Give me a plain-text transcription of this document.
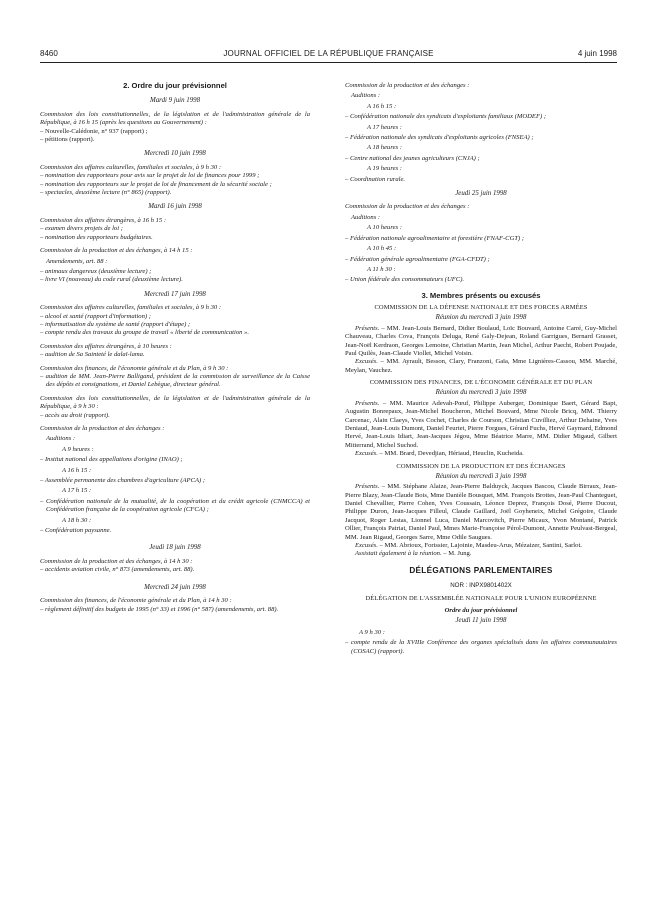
8460	JOURNAL OFFICIEL DE LA RÉPUBLIQUE FRANÇAISE	4 juin 1998
2. Ordre du jour prévisionnel
Mardi 9 juin 1998

Commission des lois constitutionnelles, de la législation et de l'administration générale de la République, à 16 h 15 (après les questions au Gouvernement) :

– Nouvelle-Calédonie, n° 937 (rapport) ;

– pétitions (rapport).

Mercredi 10 juin 1998

Commission des affaires culturelles, familiales et sociales, à 9 h 30 :

– nomination des rapporteurs pour avis sur le projet de loi de finances pour 1999 ;

– nomination des rapporteurs sur le projet de loi de financement de la sécurité sociale ;

– spectacles, deuxième lecture (n° 865) (rapport).

Mardi 16 juin 1998

Commission des affaires étrangères, à 16 h 15 :

– examen divers projets de loi ;

– nomination des rapporteurs budgétaires.

Commission de la production et des échanges, à 14 h 15 :

Amendements, art. 88 :

– animaux dangereux (deuxième lecture) ;

– livre VI (nouveau) du code rural (deuxième lecture).

Mercredi 17 juin 1998

Commission des affaires culturelles, familiales et sociales, à 9 h 30 :

– alcool et santé (rapport d'information) ;

– informatisation du système de santé (rapport d'étape) ;

– compte rendu des travaux du groupe de travail « liberté de communication ».

Commission des affaires étrangères, à 10 heures :

– audition de Sa Sainteté le dalaï-lama.

Commission des finances, de l'économie générale et du Plan, à 9 h 30 :

– audition de MM. Jean-Pierre Balligand, président de la commission de surveillance de la Caisse des dépôts et consignations, et Daniel Lebègue, directeur général.

Commission des lois constitutionnelles, de la législation et de l'administration générale de la République, à 9 h 30 :

– accès au droit (rapport).

Commission de la production et des échanges :

Auditions :

A 9 heures :

– Institut national des appellations d'origine (INAO) ;

A 16 h 15 :

– Assemblée permanente des chambres d'agriculture (APCA) ;

A 17 h 15 :

– Confédération nationale de la mutualité, de la coopération et du crédit agricole (CNMCCA) et Confédération française de la coopération agricole (CFCA) ;

A 18 h 30 :

– Confédération paysanne.

Jeudi 18 juin 1998

Commission de la production et des échanges, à 14 h 30 :

– accidents aviation civile, n° 873 (amendements, art. 88).

Mercredi 24 juin 1998

Commission des finances, de l'économie générale et du Plan, à 14 h 30 :

– règlement définitif des budgets de 1995 (n° 33) et 1996 (n° 587) (amendements, art. 88).

Commission de la production et des échanges :

Auditions :

A 16 h 15 :

– Confédération nationale des syndicats d'exploitants familiaux (MODEF) ;

A 17 heures :

– Fédération nationale des syndicats d'exploitants agricoles (FNSEA) ;

A 18 heures :

– Centre national des jeunes agriculteurs (CNJA) ;

A 19 heures :

– Coordination rurale.

Jeudi 25 juin 1998

Commission de la production et des échanges :

Auditions :

A 10 heures :

– Fédération nationale agroalimentaire et forestière (FNAF-CGT) ;

A 10 h 45 :

– Fédération générale agroalimentaire (FGA-CFDT) ;

A 11 h 30 :

– Union fédérale des consommateurs (UFC).

3. Membres présents ou excusés
COMMISSION DE LA DÉFENSE NATIONALE ET DES FORCES ARMÉES
Réunion du mercredi 3 juin 1998

Présents. – MM. Jean-Louis Bernard, Didier Boulaud, Loïc Bouvard, Antoine Carré, Guy-Michel Chauveau, Charles Cova, François Deluga, René Galy-Dejean, Roland Garrigues, Bernard Grasset, Jean-Noël Kerdraon, Georges Lemoine, Christian Martin, Jean Michel, Arthur Paecht, Robert Poujade, Paul Quilès, Jean-Claude Viollet, Michel Voisin.

Excusés. – MM. Ayrault, Besson, Clary, Franzoni, Gaïa, Mme Lignières-Cassou, MM. Marché, Meylan, Vauchez.

COMMISSION DES FINANCES, DE L'ÉCONOMIE GÉNÉRALE ET DU PLAN
Réunion du mercredi 3 juin 1998

Présents. – MM. Maurice Adevah-Pœuf, Philippe Auberger, Dominique Baert, Gérard Bapt, Augustin Bonrepaux, Jean-Michel Boucheron, Michel Bouvard, Mme Nicole Bricq, MM. Thierry Carcenac, Alain Claeys, Yves Cochet, Charles de Courson, Christian Cuvilliez, Arthur Dehaine, Yves Deniaud, Jean-Louis Dumont, Daniel Feurtet, Pierre Forgues, Gérard Fuchs, Hervé Gaymard, Edmond Hervé, Jean-Louis Idiart, Jean-Jacques Jégou, Mme Béatrice Marre, MM. Didier Migaud, Gilbert Mitterrand, Michel Suchod.

Excusés. – MM. Brard, Devedjian, Hériaud, Heuclin, Kucheida.

COMMISSION DE LA PRODUCTION ET DES ÉCHANGES
Réunion du mercredi 3 juin 1998

Présents. – MM. Stéphane Alaize, Jean-Pierre Balduyck, Jacques Bascou, Claude Birraux, Jean-Pierre Blazy, Jean-Claude Bois, Mme Danièle Bousquet, MM. François Brottes, Jean-Paul Chanteguet, Daniel Chevallier, Pierre Cohen, Yves Coussain, Léonce Deprez, François Dosé, Pierre Ducout, Philippe Duron, Jean-Jacques Filleul, Claude Gaillard, Joël Goyheneix, Michel Grégoire, Claude Jacquot, Roger Lestas, Lionnel Luca, Daniel Marcovitch, Pierre Micaux, Yvon Montané, Patrick Ollier, François Patriat, Daniel Paul, Mmes Marie-Françoise Pérol-Dumont, Annette Peulvast-Bergeal, MM. Jean Rigaud, Georges Sarre, Mme Odile Saugues.

Excusés. – MM. Abrioux, Forissier, Lajoinie, Masdeu-Arus, Mézaizer, Santini, Sarlot.

Assistait également à la réunion. – M. Jung.

DÉLÉGATIONS PARLEMENTAIRES
NOR : INPX9801402X
DÉLÉGATION DE L'ASSEMBLÉE NATIONALE POUR L'UNION EUROPÉENNE
Ordre du jour prévisionnel
Jeudi 11 juin 1998

A 9 h 30 :

– compte rendu de la XVIIIe Conférence des organes spécialisés dans les affaires communautaires (COSAC) (rapport).
